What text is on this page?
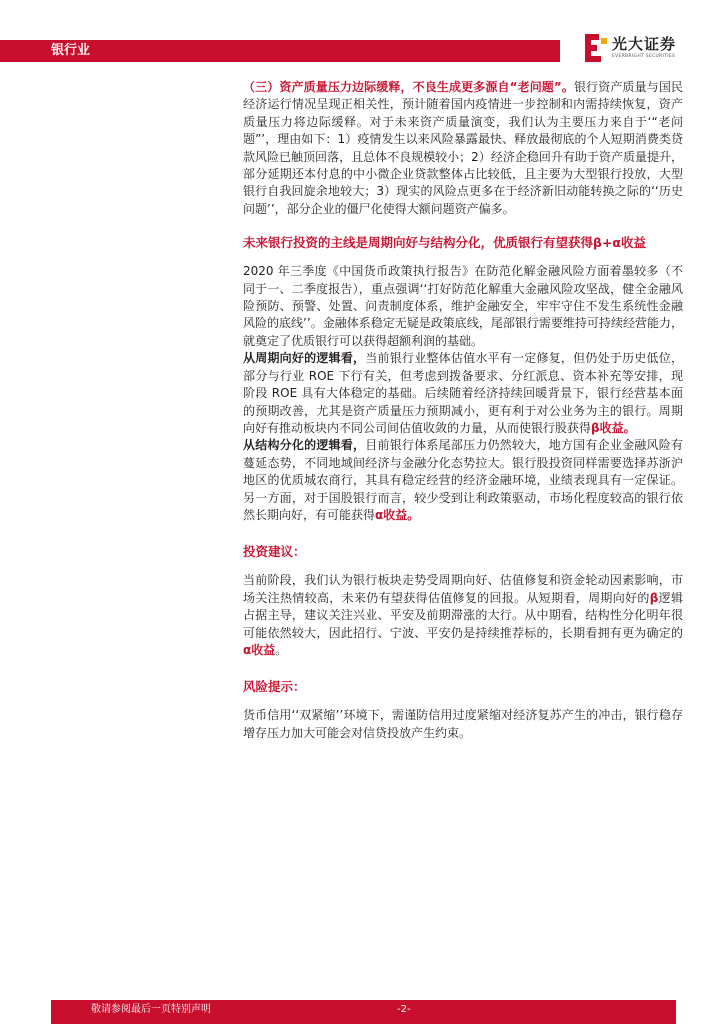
银行业	光大证券
EVERBRIGHT SECURITIES

（三）资产质量压力边际缓释，不良生成更多源自“老问题”。银行资产质量与国民经济运行情况呈现正相关性，预计随着国内疫情进一步控制和内需持续恢复，资产质量压力将边际缓释。对于未来资产质量演变，我们认为主要压力来自于‘“老问题”’，理由如下：1）疫情发生以来风险暴露最快、释放最彻底的个人短期消费类贷款风险已触顶回落，且总体不良规模较小；2）经济企稳回升有助于资产质量提升，部分延期还本付息的中小微企业贷款整体占比较低，且主要为大型银行投放，大型银行自我回旋余地较大；3）现实的风险点更多在于经济新旧动能转换之际的‘‘历史问题’’，部分企业的僵尸化使得大额问题资产偏多。

未来银行投资的主线是周期向好与结构分化，优质银行有望获得β+α收益

2020 年三季度《中国货币政策执行报告》在防范化解金融风险方面着墨较多（不同于一、二季度报告），重点强调‘‘打好防范化解重大金融风险攻坚战，健全金融风险预防、预警、处置、问责制度体系，维护金融安全，牢牢守住不发生系统性金融风险的底线’’。金融体系稳定无疑是政策底线，尾部银行需要维持可持续经营能力，就奠定了优质银行可以获得超额利润的基础。

从周期向好的逻辑看，当前银行业整体估值水平有一定修复，但仍处于历史低位，部分与行业 ROE 下行有关，但考虑到拨备要求、分红派息、资本补充等安排，现阶段 ROE 具有大体稳定的基础。后续随着经济持续回暖背景下，银行经营基本面的预期改善，尤其是资产质量压力预期减小，更有利于对公业务为主的银行。周期向好有推动板块内不同公司间估值收敛的力量，从而使银行股获得β收益。

从结构分化的逻辑看，目前银行体系尾部压力仍然较大，地方国有企业金融风险有蔓延态势，不同地域间经济与金融分化态势拉大。银行股投资同样需要选择苏浙沪地区的优质城农商行，其具有稳定经营的经济金融环境，业绩表现具有一定保证。另一方面，对于国股银行而言，较少受到让利政策驱动，市场化程度较高的银行依然长期向好，有可能获得α收益。

投资建议：

当前阶段，我们认为银行板块走势受周期向好、估值修复和资金轮动因素影响，市场关注热情较高，未来仍有望获得估值修复的回报。从短期看，周期向好的β逻辑占据主导，建议关注兴业、平安及前期滞涨的大行。从中期看，结构性分化明年很可能依然较大，因此招行、宁波、平安仍是持续推荐标的，长期看拥有更为确定的α收益。

风险提示：

货币信用‘‘双紧缩’’环境下，需谨防信用过度紧缩对经济复苏产生的冲击，银行稳存增存压力加大可能会对信贷投放产生约束。

敬请参阅最后一页特别声明	-2-
